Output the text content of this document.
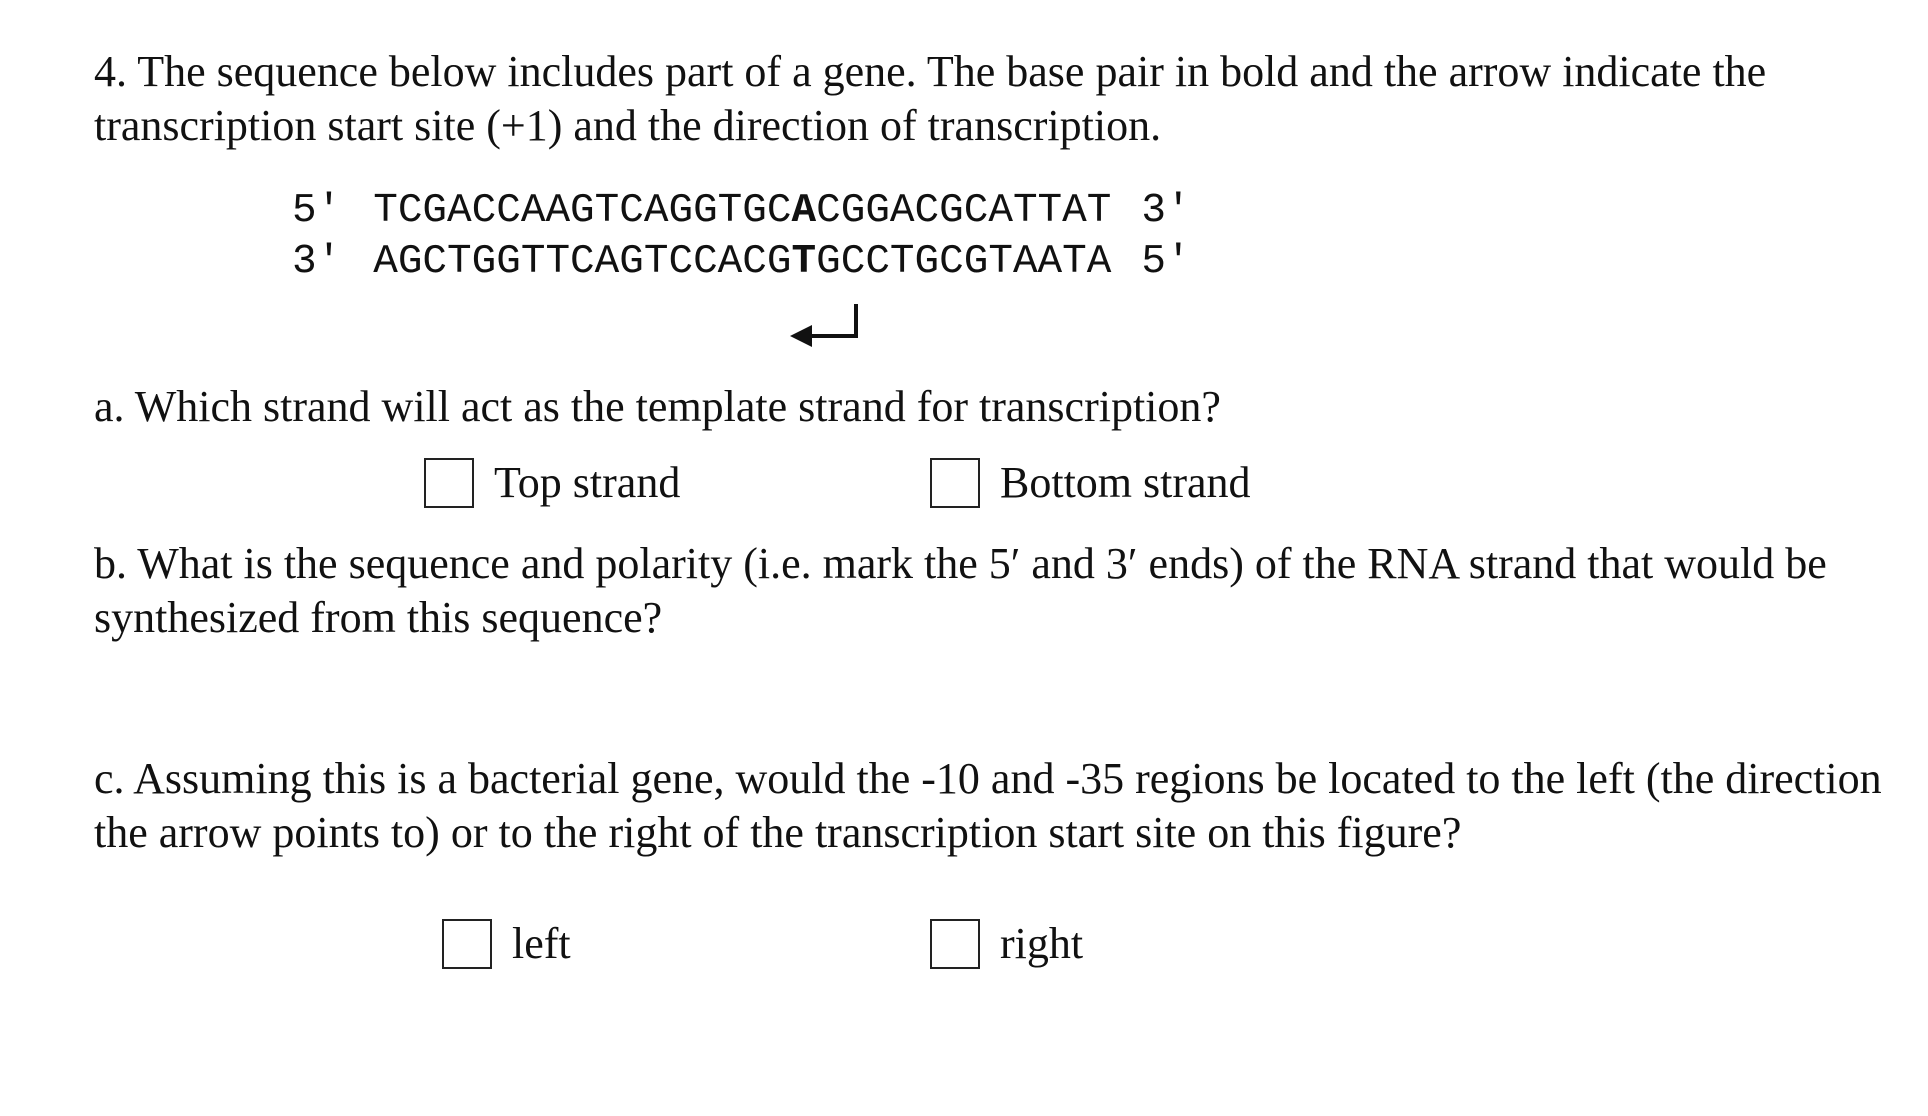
4. The sequence below includes part of a gene. The base pair in bold and the arrow indicate the transcription start site (+1) and the direction of transcription.

5′ TCGACCAAGTCAGGTGCACGGACGCATTAT 3′
3′ AGCTGGTTCAGTCCACGTGCCTGCGTAATA 5′

a. Which strand will act as the template strand for transcription?

Top strand	Bottom strand

b. What is the sequence and polarity (i.e. mark the 5′ and 3′ ends) of the RNA strand that would be synthesized from this sequence?

c. Assuming this is a bacterial gene, would the -10 and -35 regions be located to the left (the direction the arrow points to) or to the right of the transcription start site on this figure?

left	right
